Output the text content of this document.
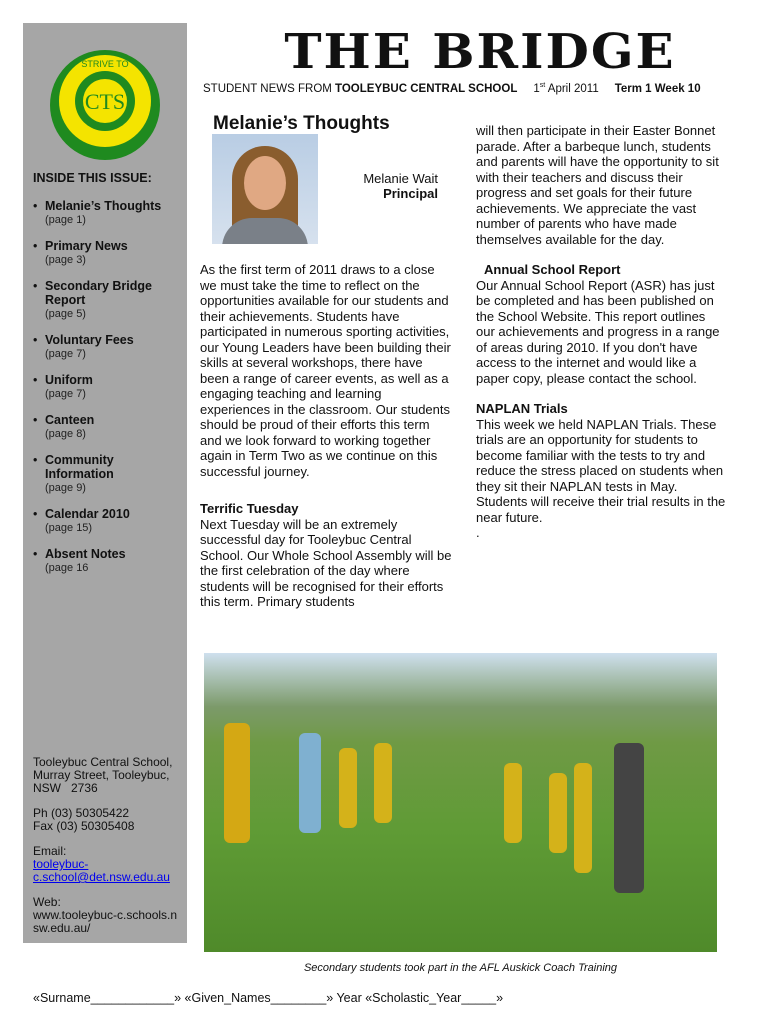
CTS
STRIVE TO
DO WELL
INSIDE THIS ISSUE:
• Melanie’s Thoughts
(page 1)
• Primary News
(page 3)
• Secondary Bridge Report
(page 5)
• Voluntary Fees
(page 7)
• Uniform
(page 7)
• Canteen
(page 8)
• Community Information
(page 9)
• Calendar 2010
(page 15)
• Absent Notes
(page 16

Tooleybuc Central School,
Murray Street, Tooleybuc,
NSW   2736

Ph (03) 50305422
Fax (03) 50305408

Email:
tooleybuc-c.school@det.nsw.edu.au

Web:
www.tooleybuc-c.schools.nsw.edu.au/

THE BRIDGE
STUDENT NEWS FROM TOOLEYBUC CENTRAL SCHOOL 1st April 2011 Term 1 Week 10
Melanie’s Thoughts
Melanie Wait
Principal

As the first term of 2011 draws to a close we must take the time to reflect on the opportunities available for our students and their achievements. Students have participated in numerous sporting activities, our Young Leaders have been building their skills at several workshops, there have been a range of career events, as well as a engaging teaching and learning experiences in the classroom. Our students should be proud of their efforts this term and we look forward to working together again in Term Two as we continue on this successful journey.

Terrific Tuesday

Next Tuesday will be an extremely successful day for Tooleybuc Central School. Our Whole School Assembly will be the first celebration of the day where students will be recognised for their efforts this term. Primary students

will then participate in their Easter Bonnet parade. After a barbeque lunch, students and parents will have the opportunity to sit with their teachers and discuss their progress and set goals for their future achievements. We appreciate the vast number of parents who have made themselves available for the day.

Annual School Report

Our Annual School Report (ASR) has just be completed and has been published on the School Website. This report outlines our achievements and progress in a range of areas during 2010. If you don't have access to the internet and would like a paper copy, please contact the school.

NAPLAN Trials

This week we held NAPLAN Trials. These trials are an opportunity for students to become familiar with the tests to try and reduce the stress placed on students when they sit their NAPLAN tests in May. Students will receive their trial results in the near future.

.

Secondary students took part in the AFL Auskick Coach Training
«Surname____________» «Given_Names________» Year «Scholastic_Year_____»
